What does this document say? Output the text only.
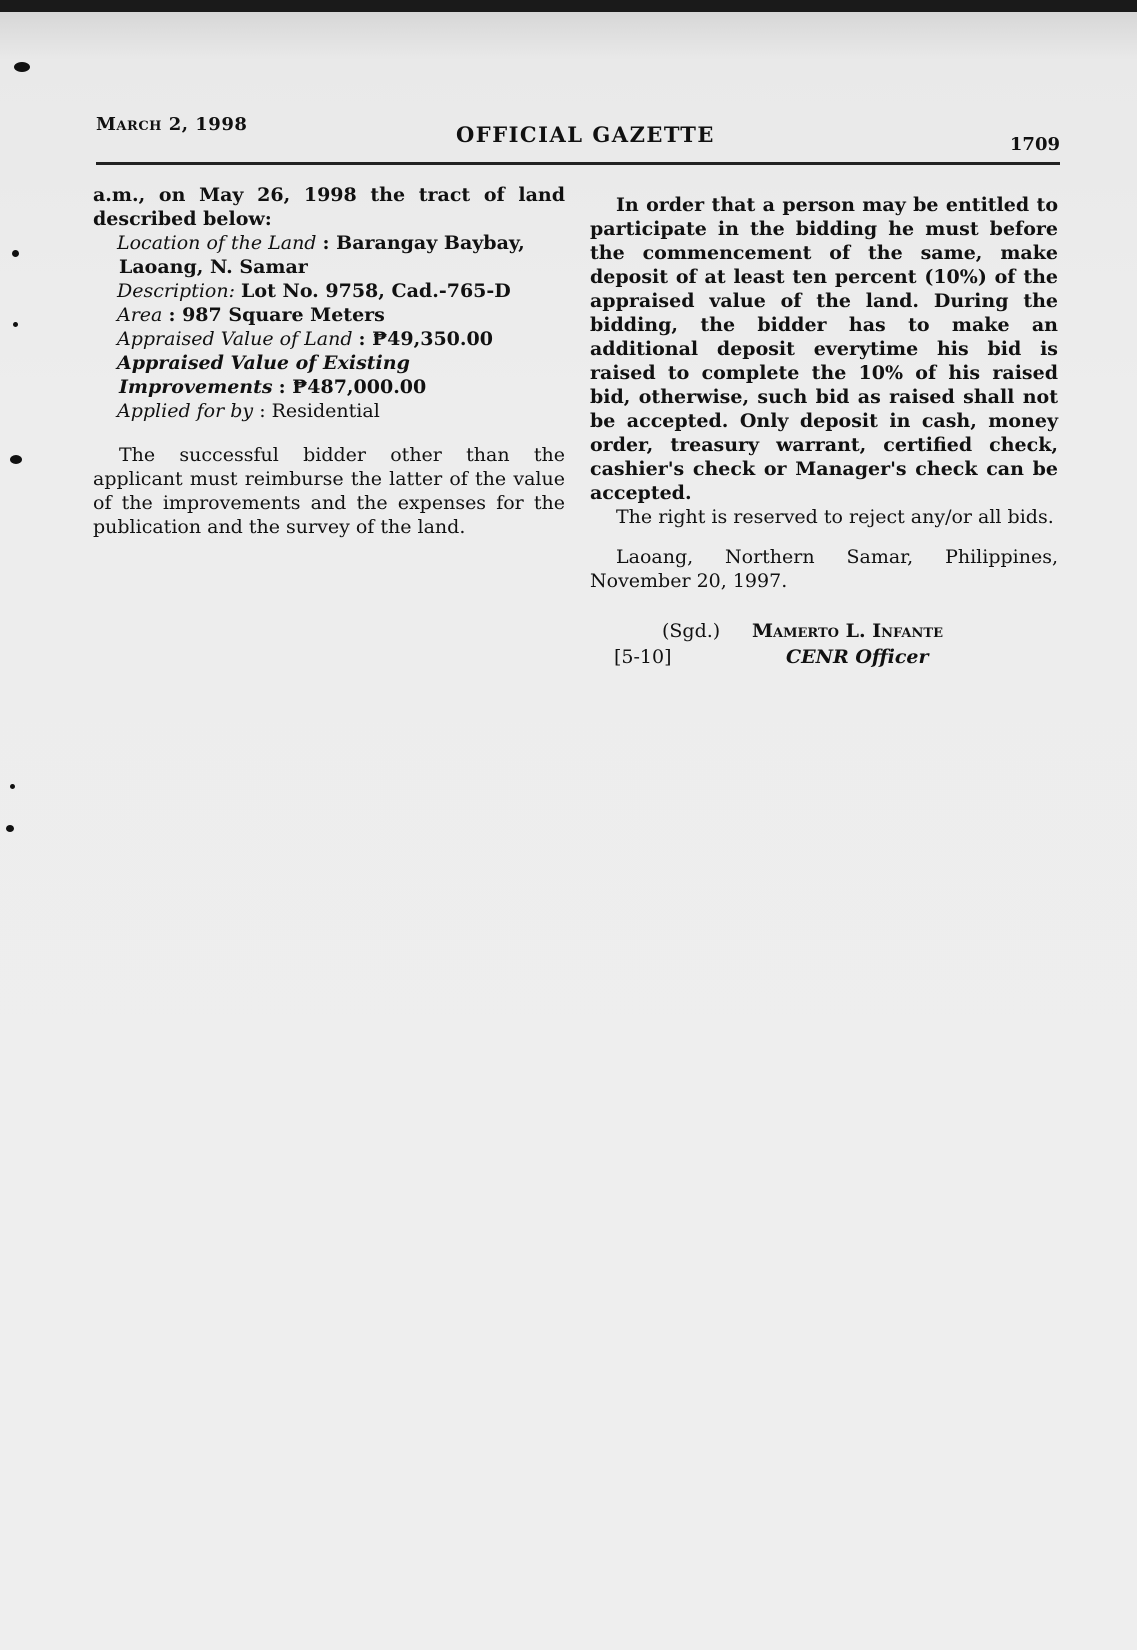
March 2, 1998	OFFICIAL GAZETTE	1709

a.m., on May 26, 1998 the tract of land described below:

Location of the Land : Barangay Baybay, Laoang, N. Samar

Description: Lot No. 9758, Cad.-765-D

Area : 987 Square Meters

Appraised Value of Land : ₱49,350.00

Appraised Value of Existing Improvements : ₱487,000.00

Applied for by : Residential

The successful bidder other than the applicant must reimburse the latter of the value of the improvements and the expenses for the publication and the survey of the land.

In order that a person may be entitled to participate in the bidding he must before the commencement of the same, make deposit of at least ten percent (10%) of the appraised value of the land. During the bidding, the bidder has to make an additional deposit everytime his bid is raised to complete the 10% of his raised bid, otherwise, such bid as raised shall not be accepted. Only deposit in cash, money order, treasury warrant, certified check, cashier's check or Manager's check can be accepted.

The right is reserved to reject any/or all bids.

Laoang, Northern Samar, Philippines, November 20, 1997.

(Sgd.) Mamerto L. Infante
[5-10]	CENR Officer
